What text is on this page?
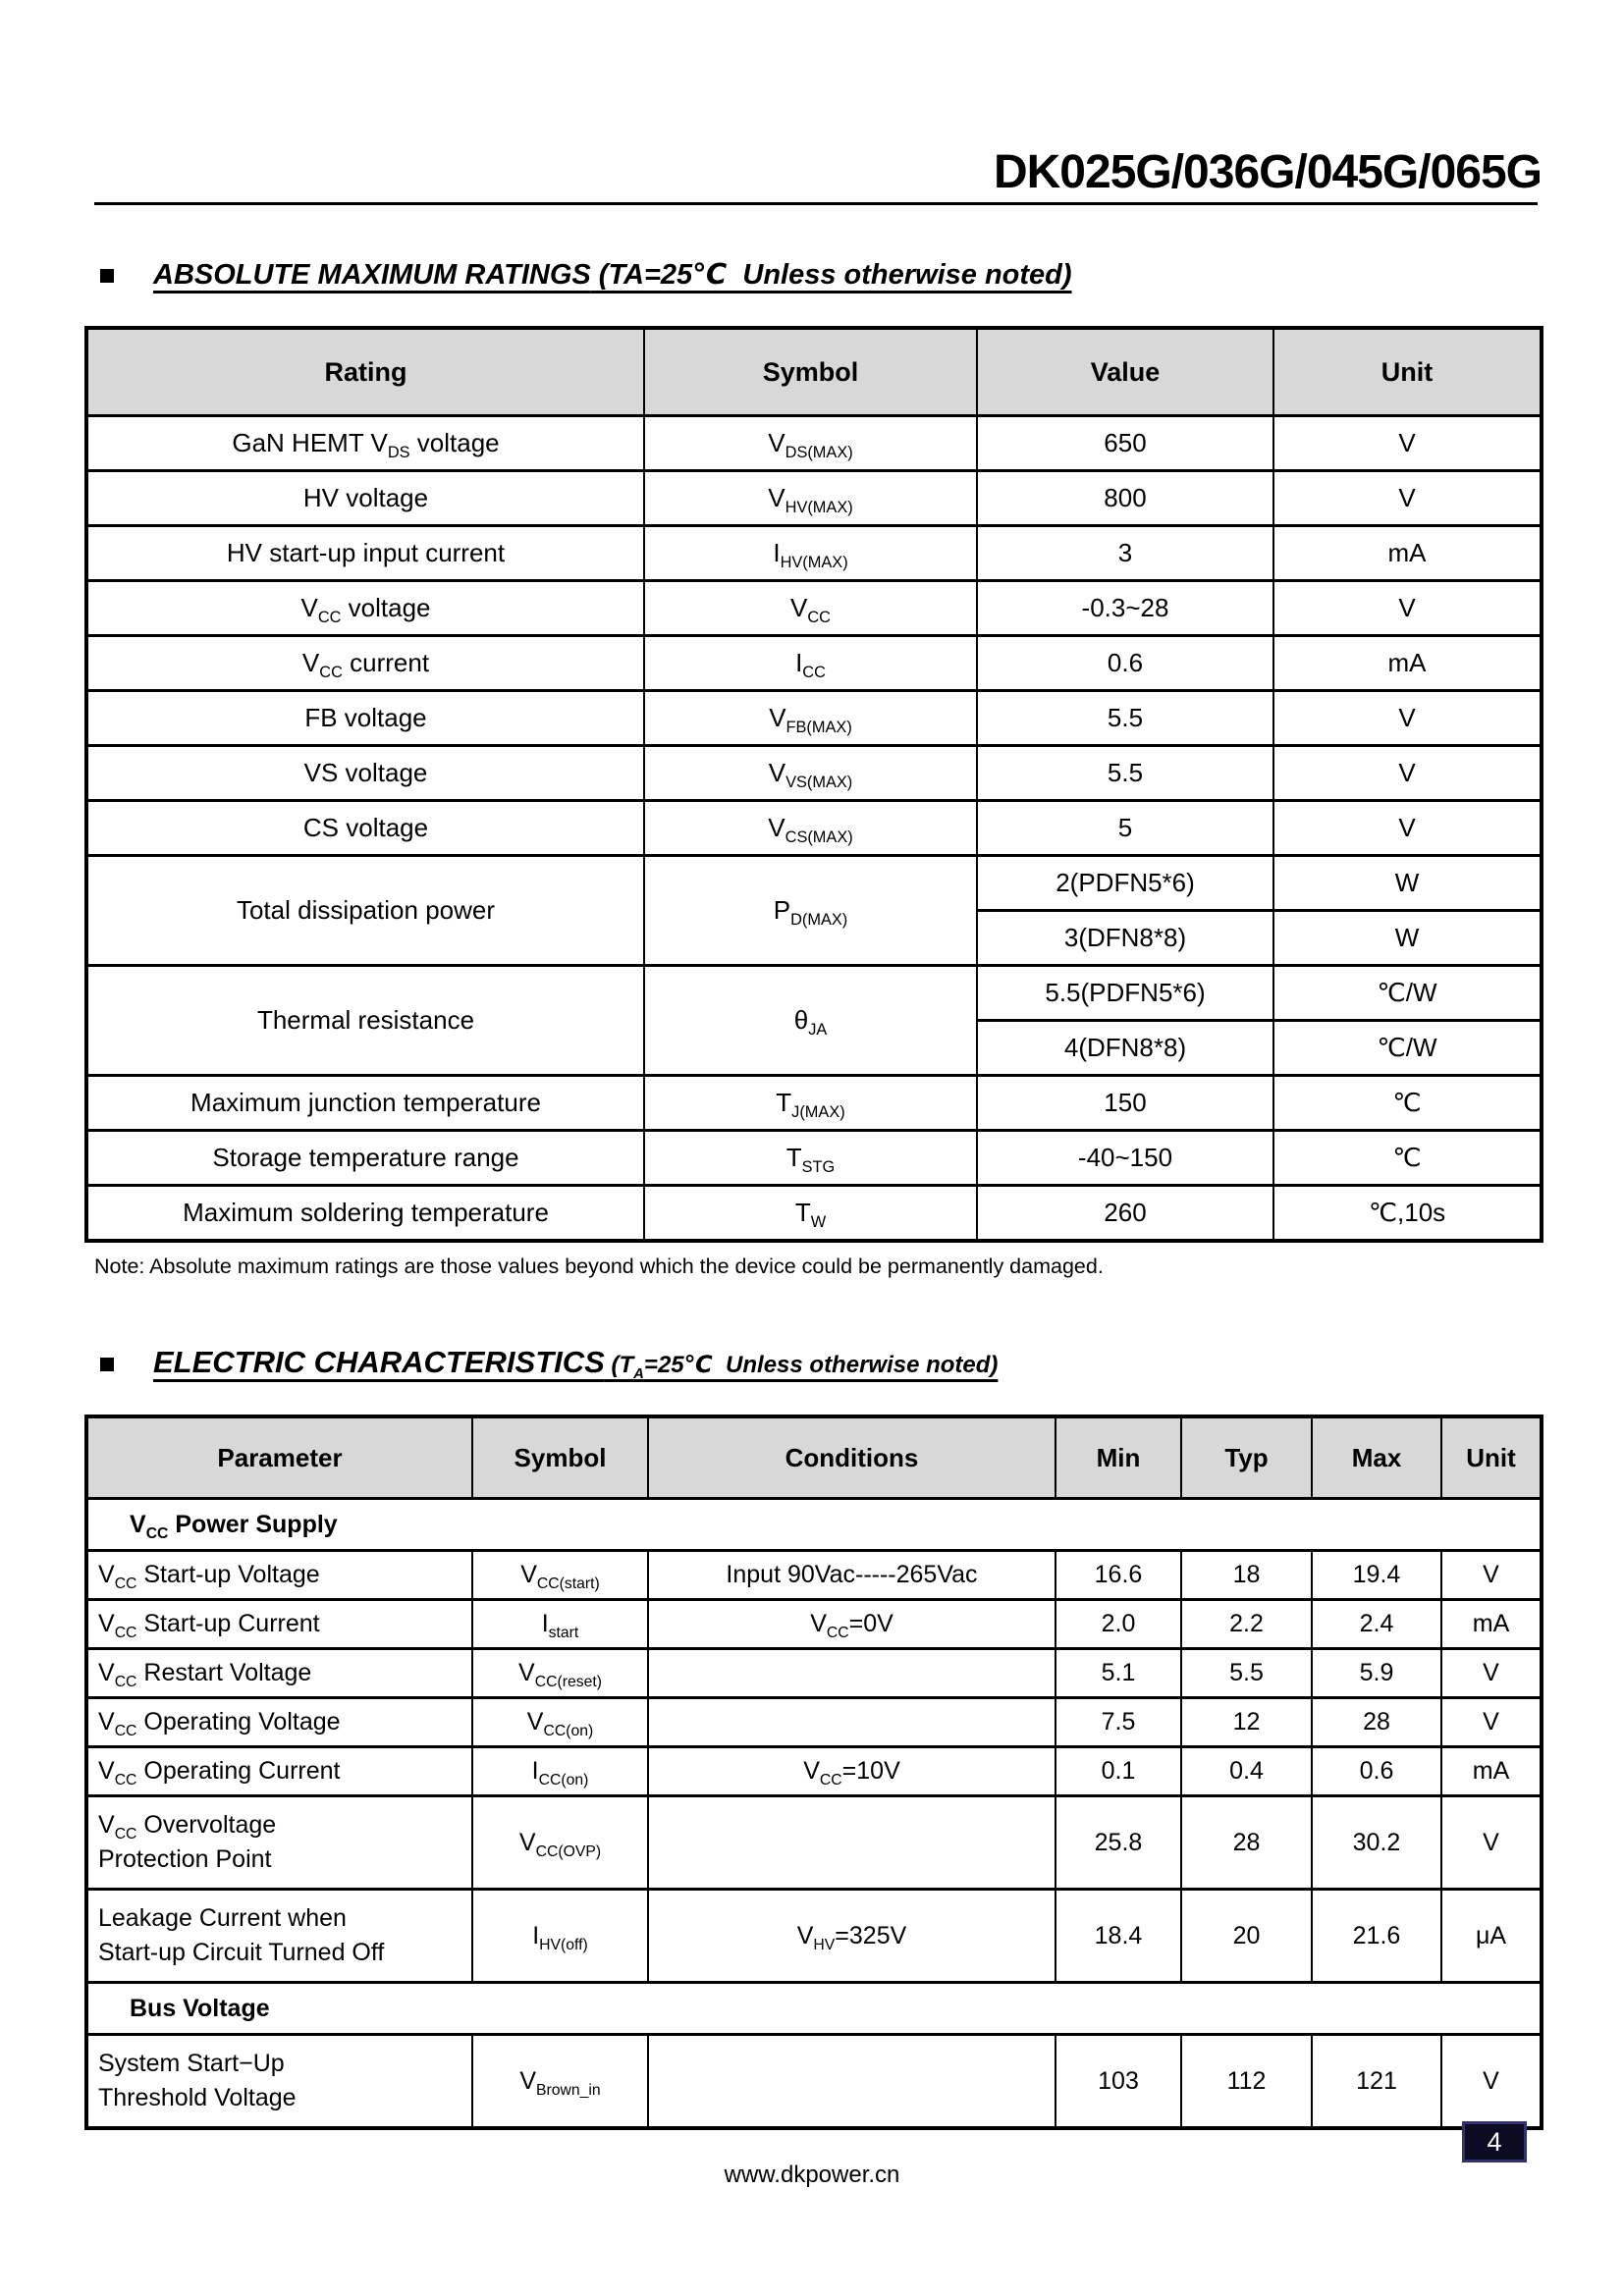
DK025G/036G/045G/065G
ABSOLUTE MAXIMUM RATINGS (TA=25℃  Unless otherwise noted)
Rating	Symbol	Value	Unit
GaN HEMT $V_{DS}$ voltage	$V_{DS(MAX)}$	650	V
HV voltage	$V_{HV(MAX)}$	800	V
HV start-up input current	$I_{HV(MAX)}$	3	mA
$V_{CC}$ voltage	$V_{CC}$	-0.3~28	V
$V_{CC}$ current	$I_{CC}$	0.6	mA
FB voltage	$V_{FB(MAX)}$	5.5	V
VS voltage	$V_{VS(MAX)}$	5.5	V
CS voltage	$V_{CS(MAX)}$	5	V
Total dissipation power	$P_{D(MAX)}$	2(PDFN5*6)	W
		3(DFN8*8)	W
Thermal resistance	$\theta_{JA}$	5.5(PDFN5*6)	℃/W
		4(DFN8*8)	℃/W
Maximum junction temperature	$T_{J(MAX)}$	150	℃
Storage temperature range	$T_{STG}$	-40~150	℃
Maximum soldering temperature	$T_W$	260	℃,10s
Note: Absolute maximum ratings are those values beyond which the device could be permanently damaged.
ELECTRIC CHARACTERISTICS ($T_A=25℃$  Unless otherwise noted)
Parameter	Symbol	Conditions	Min	Typ	Max	Unit
$V_{CC}$ Power Supply						
$V_{CC}$ Start-up Voltage	$V_{CC(start)}$	Input 90Vac-----265Vac	16.6	18	19.4	V
$V_{CC}$ Start-up Current	$I_{start}$	$V_{CC}=0V$	2.0	2.2	2.4	mA
$V_{CC}$ Restart Voltage	$V_{CC(reset)}$		5.1	5.5	5.9	V
$V_{CC}$ Operating Voltage	$V_{CC(on)}$		7.5	12	28	V
$V_{CC}$ Operating Current	$I_{CC(on)}$	$V_{CC}=10V$	0.1	0.4	0.6	mA

$V_{CC}$ Overvoltage
Protection Point	$V_{CC(OVP)}$		25.8	28	30.2	V

Leakage Current when
Start-up Circuit Turned Off	$I_{HV(off)}$	$V_{HV}=325V$	18.4	20	21.6	μA
Bus Voltage						

System Start−Up
Threshold Voltage	$V_{Brown\_in}$		103	112	121	V
www.dkpower.cn
4
